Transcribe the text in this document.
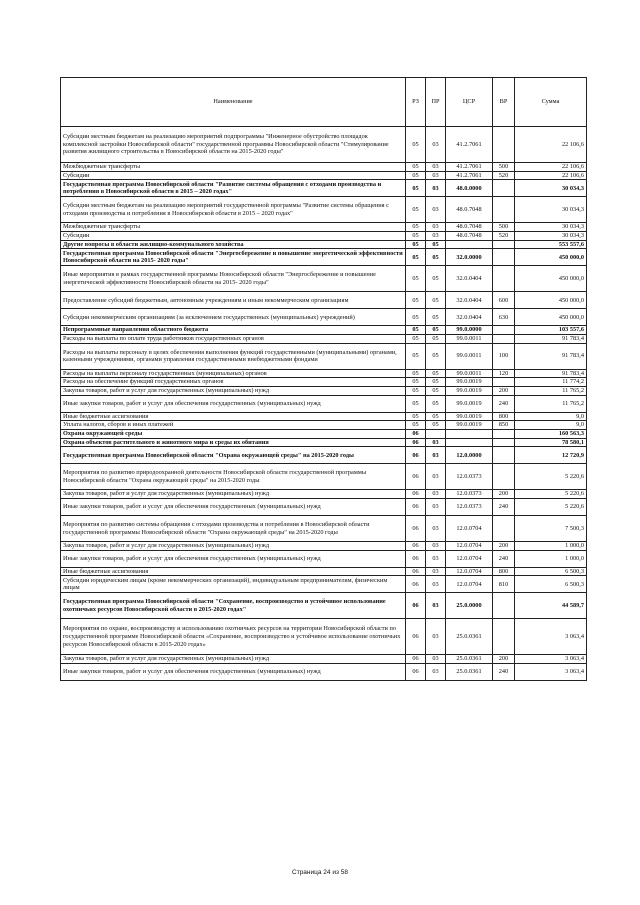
Наименование	РЗ	ПР	ЦСР	ВР	Сумма
Субсидии местным бюджетам на реализацию мероприятий подпрограммы "Инженерное обустройство площадок комплексной застройки Новосибирской области" государственной программы Новосибирской области "Стимулирование развития жилищного строительства в Новосибирской области на 2015-2020 годы"	05	03	41.2.7061		22 106,6
Межбюджетные трансферты	05	03	41.2.7061	500	22 106,6
Субсидии	05	03	41.2.7061	520	22 106,6
Государственная программа Новосибирской области "Развитие системы обращения с отходами производства и потребления в Новосибирской области в 2015 – 2020 годах"	05	03	48.0.0000		30 034,3
Субсидии местным бюджетам на реализацию мероприятий государственной программы "Развитие системы обращения с отходами производства и потребления в Новосибирской области в 2015 – 2020 годах"	05	03	48.0.7048		30 034,3
Межбюджетные трансферты	05	03	48.0.7048	500	30 034,3
Субсидии	05	03	48.0.7048	520	30 034,3
Другие вопросы в области жилищно-коммунального хозяйства	05	05			553 557,6
Государственная программа Новосибирской области "Энергосбережение и повышение энергетической эффективности Новосибирской области на 2015- 2020 годы"	05	05	32.0.0000		450 000,0
Иные мероприятия в рамках государственной программы Новосибирской области "Энергосбережение и повышение энергетической эффективности Новосибирской области на 2015- 2020 годы"	05	05	32.0.0404		450 000,0
Предоставление субсидий бюджетным, автономным учреждениям и иным некоммерческим организациям	05	05	32.0.0404	600	450 000,0
Субсидии некоммерческим организациям (за исключением государственных (муниципальных) учреждений)	05	05	32.0.0404	630	450 000,0
Непрограммные направления областного бюджета	05	05	99.0.0000		103 557,6
Расходы на выплаты по оплате труда работников государственных органов	05	05	99.0.0011		91 783,4
Расходы на выплаты персоналу в целях обеспечения выполнения функций государственными (муниципальными) органами, казенными учреждениями, органами управления государственными внебюджетными фондами	05	05	99.0.0011	100	91 783,4
Расходы на выплаты персоналу государственных (муниципальных) органов	05	05	99.0.0011	120	91 783,4
Расходы на обеспечение функций государственных органов	05	05	99.0.0019		11 774,2
Закупка товаров, работ и услуг для государственных (муниципальных) нужд	05	05	99.0.0019	200	11 765,2
Иные закупки товаров, работ и услуг для обеспечения государственных (муниципальных) нужд	05	05	99.0.0019	240	11 765,2
Иные бюджетные ассигнования	05	05	99.0.0019	800	9,0
Уплата налогов, сборов и иных платежей	05	05	99.0.0019	850	9,0
Охрана окружающей среды	06				160 563,3
Охрана объектов растительного и животного мира и среды их обитания	06	03			78 580,1
Государственная программа Новосибирской области "Охрана окружающей среды" на 2015-2020 годы	06	03	12.0.0000		12 720,9
Мероприятия по развитию природоохранной деятельности Новосибирской области государственной программы Новосибирской области "Охрана окружающей среды" на 2015-2020 годы	06	03	12.0.0373		5 220,6
Закупка товаров, работ и услуг для государственных (муниципальных) нужд	06	03	12.0.0373	200	5 220,6
Иные закупки товаров, работ и услуг для обеспечения государственных (муниципальных) нужд	06	03	12.0.0373	240	5 220,6
Мероприятия по развитию системы обращения с отходами производства и потребления в Новосибирской области государственной программы Новосибирской области "Охрана окружающей среды" на 2015-2020 годы	06	03	12.0.0704		7 500,3
Закупка товаров, работ и услуг для государственных (муниципальных) нужд	06	03	12.0.0704	200	1 000,0
Иные закупки товаров, работ и услуг для обеспечения государственных (муниципальных) нужд	06	03	12.0.0704	240	1 000,0
Иные бюджетные ассигнования	06	03	12.0.0704	800	6 500,3
Субсидии юридическим лицам (кроме некоммерческих организаций), индивидуальным предпринимателям, физическим лицам	06	03	12.0.0704	810	6 500,3
Государственная программа Новосибирской области "Сохранение, воспроизводство и устойчивое использование охотничьих ресурсов Новосибирской области в 2015-2020 годах"	06	03	25.0.0000		44 589,7
Мероприятия по охране, воспроизводству и использованию охотничьих ресурсов на территории Новосибирской области по государственной программе Новосибирской области «Сохранение, воспроизводство и устойчивое использование охотничьих ресурсов Новосибирской области в 2015-2020 годах»	06	03	25.0.0361		3 063,4
Закупка товаров, работ и услуг для государственных (муниципальных) нужд	06	03	25.0.0361	200	3 063,4
Иные закупки товаров, работ и услуг для обеспечения государственных (муниципальных) нужд	06	03	25.0.0361	240	3 063,4
Страница 24 из 58
